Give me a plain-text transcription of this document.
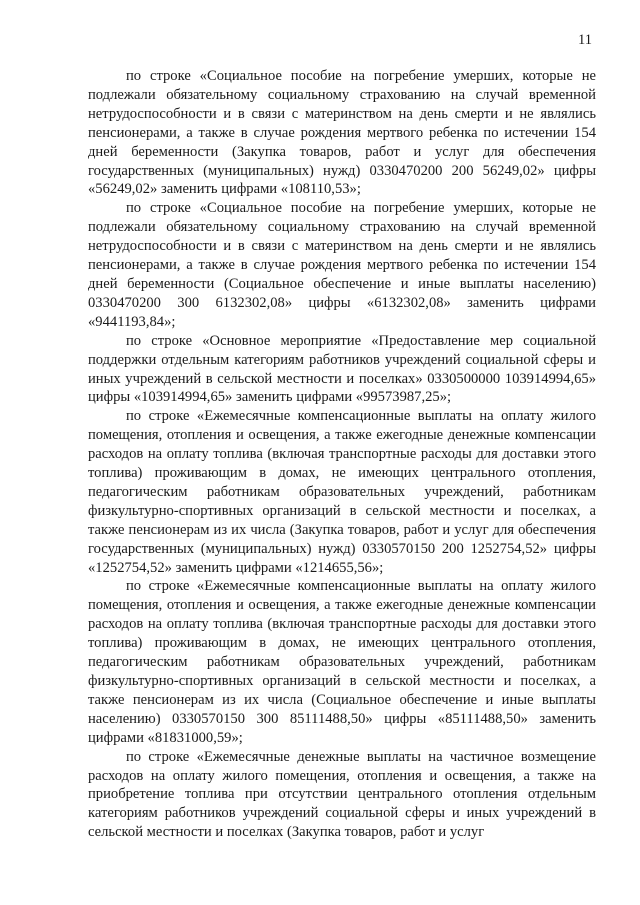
11

по строке «Социальное пособие на погребение умерших, которые не подлежали обязательному социальному страхованию на случай временной нетрудоспособности и в связи с материнством на день смерти и не являлись пенсионерами, а также в случае рождения мертвого ребенка по истечении 154 дней беременности (Закупка товаров, работ и услуг для обеспечения государственных (муниципальных) нужд) 0330470200 200 56249,02» цифры «56249,02» заменить цифрами «108110,53»;

по строке «Социальное пособие на погребение умерших, которые не подлежали обязательному социальному страхованию на случай временной нетрудоспособности и в связи с материнством на день смерти и не являлись пенсионерами, а также в случае рождения мертвого ребенка по истечении 154 дней беременности (Социальное обеспечение и иные выплаты населению) 0330470200 300 6132302,08» цифры «6132302,08» заменить цифрами «9441193,84»;

по строке «Основное мероприятие «Предоставление мер социальной поддержки отдельным категориям работников учреждений социальной сферы и иных учреждений в сельской местности и поселках» 0330500000 103914994,65» цифры «103914994,65» заменить цифрами «99573987,25»;

по строке «Ежемесячные компенсационные выплаты на оплату жилого помещения, отопления и освещения, а также ежегодные денежные компенсации расходов на оплату топлива (включая транспортные расходы для доставки этого топлива) проживающим в домах, не имеющих центрального отопления, педагогическим работникам образовательных учреждений, работникам физкультурно-спортивных организаций в сельской местности и поселках, а также пенсионерам из их числа (Закупка товаров, работ и услуг для обеспечения государственных (муниципальных) нужд) 0330570150 200 1252754,52» цифры «1252754,52» заменить цифрами «1214655,56»;

по строке «Ежемесячные компенсационные выплаты на оплату жилого помещения, отопления и освещения, а также ежегодные денежные компенсации расходов на оплату топлива (включая транспортные расходы для доставки этого топлива) проживающим в домах, не имеющих центрального отопления, педагогическим работникам образовательных учреждений, работникам физкультурно-спортивных организаций в сельской местности и поселках, а также пенсионерам из их числа (Социальное обеспечение и иные выплаты населению) 0330570150 300 85111488,50» цифры «85111488,50» заменить цифрами «81831000,59»;

по строке «Ежемесячные денежные выплаты на частичное возмещение расходов на оплату жилого помещения, отопления и освещения, а также на приобретение топлива при отсутствии центрального отопления отдельным категориям работников учреждений социальной сферы и иных учреждений в сельской местности и поселках (Закупка товаров, работ и услуг
